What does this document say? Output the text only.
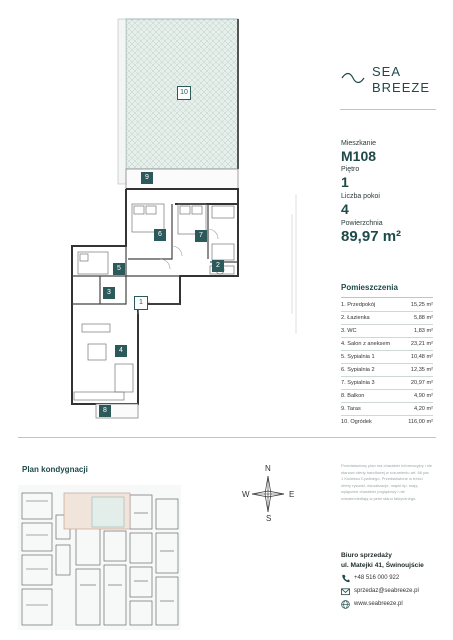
10
9
6	7
2
5
3
1
4
8
SEA
BREEZE
Mieszkanie
M108
Piętro
1
Liczba pokoi
4
Powierzchnia
89,97 m²
Pomieszczenia
1. Przedpokój	15,25 m²
2. Łazienka	5,88 m²
3. WC	1,83 m²
4. Salon z aneksem	23,21 m²
5. Sypialnia 1	10,48 m²
6. Sypialnia 2	12,35 m²
7. Sypialnia 3	20,97 m²
8. Balkon	4,90 m²
9. Taras	4,20 m²
10. Ogródek	116,00 m²
Plan kondygnacji	N
S
W	E
Przedstawiony plan ma charakter informacyjny i nie stanowi oferty handlowej w rozumieniu art. 66 par. 1 Kodeksu Cywilnego. Przedstawione w treści oferty rysunki, wizualizacje, mapki itp. mają wyłącznie charakter poglądowy i nie odzwierciedlają w pełni stanu faktycznego.
Biuro sprzedaży
ul. Matejki 41, Świnoujście
+48 516 000 922
sprzedaz@seabreeze.pl
www.seabreeze.pl
